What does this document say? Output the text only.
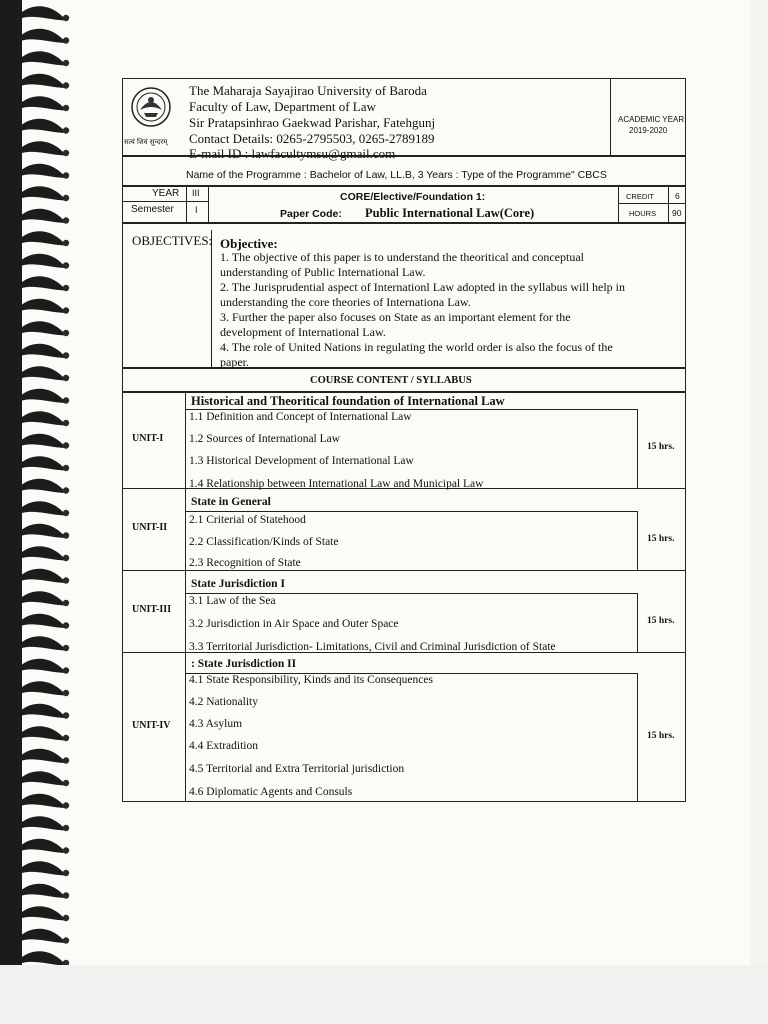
सत्यं शिवं सुन्दरम्
The Maharaja Sayajirao University of Baroda
Faculty of Law, Department of Law
Sir Pratapsinhrao Gaekwad Parishar, Fatehgunj
Contact Details: 0265-2795503, 0265-2789189
E-mail ID : lawfacultymsu@gmail.com
ACADEMIC YEAR:
2019-2020
Name of the Programme : Bachelor of Law, LL.B, 3 Years : Type of the Programme" CBCS
YEAR III
Semester I
CORE/Elective/Foundation 1:
Paper Code: Public International Law(Core)
CREDIT 6
HOURS 90
OBJECTIVES: Objective:
1. The objective of this paper is to understand the theoritical and conceptual
understanding of Public International Law.
2. The Jurisprudential aspect of Internationl Law adopted in the syllabus will help in
understanding the core theories of Internationa Law.
3. Further the paper also focuses on State as an important element for the
development of International Law.
4. The role of United Nations in regulating the world order is also the focus of the
paper.
COURSE CONTENT / SYLLABUS
UNIT-I
Historical and Theoritical foundation of International Law
1.1 Definition and Concept of International Law
1.2 Sources of International Law
1.3 Historical Development of International Law
1.4 Relationship between International Law and Municipal Law
15 hrs.
UNIT-II
State in General
2.1 Criterial of Statehood
2.2 Classification/Kinds of State
2.3 Recognition of State
15 hrs.
UNIT-III
State Jurisdiction I
3.1 Law of the Sea
3.2 Jurisdiction in Air Space and Outer Space
3.3 Territorial Jurisdiction- Limitations, Civil and Criminal Jurisdiction of State
15 hrs.
UNIT-IV
: State Jurisdiction II
4.1 State Responsibility, Kinds and its Consequences
4.2 Nationality
4.3 Asylum
4.4 Extradition
4.5 Territorial and Extra Territorial jurisdiction
4.6 Diplomatic Agents and Consuls
15 hrs.
